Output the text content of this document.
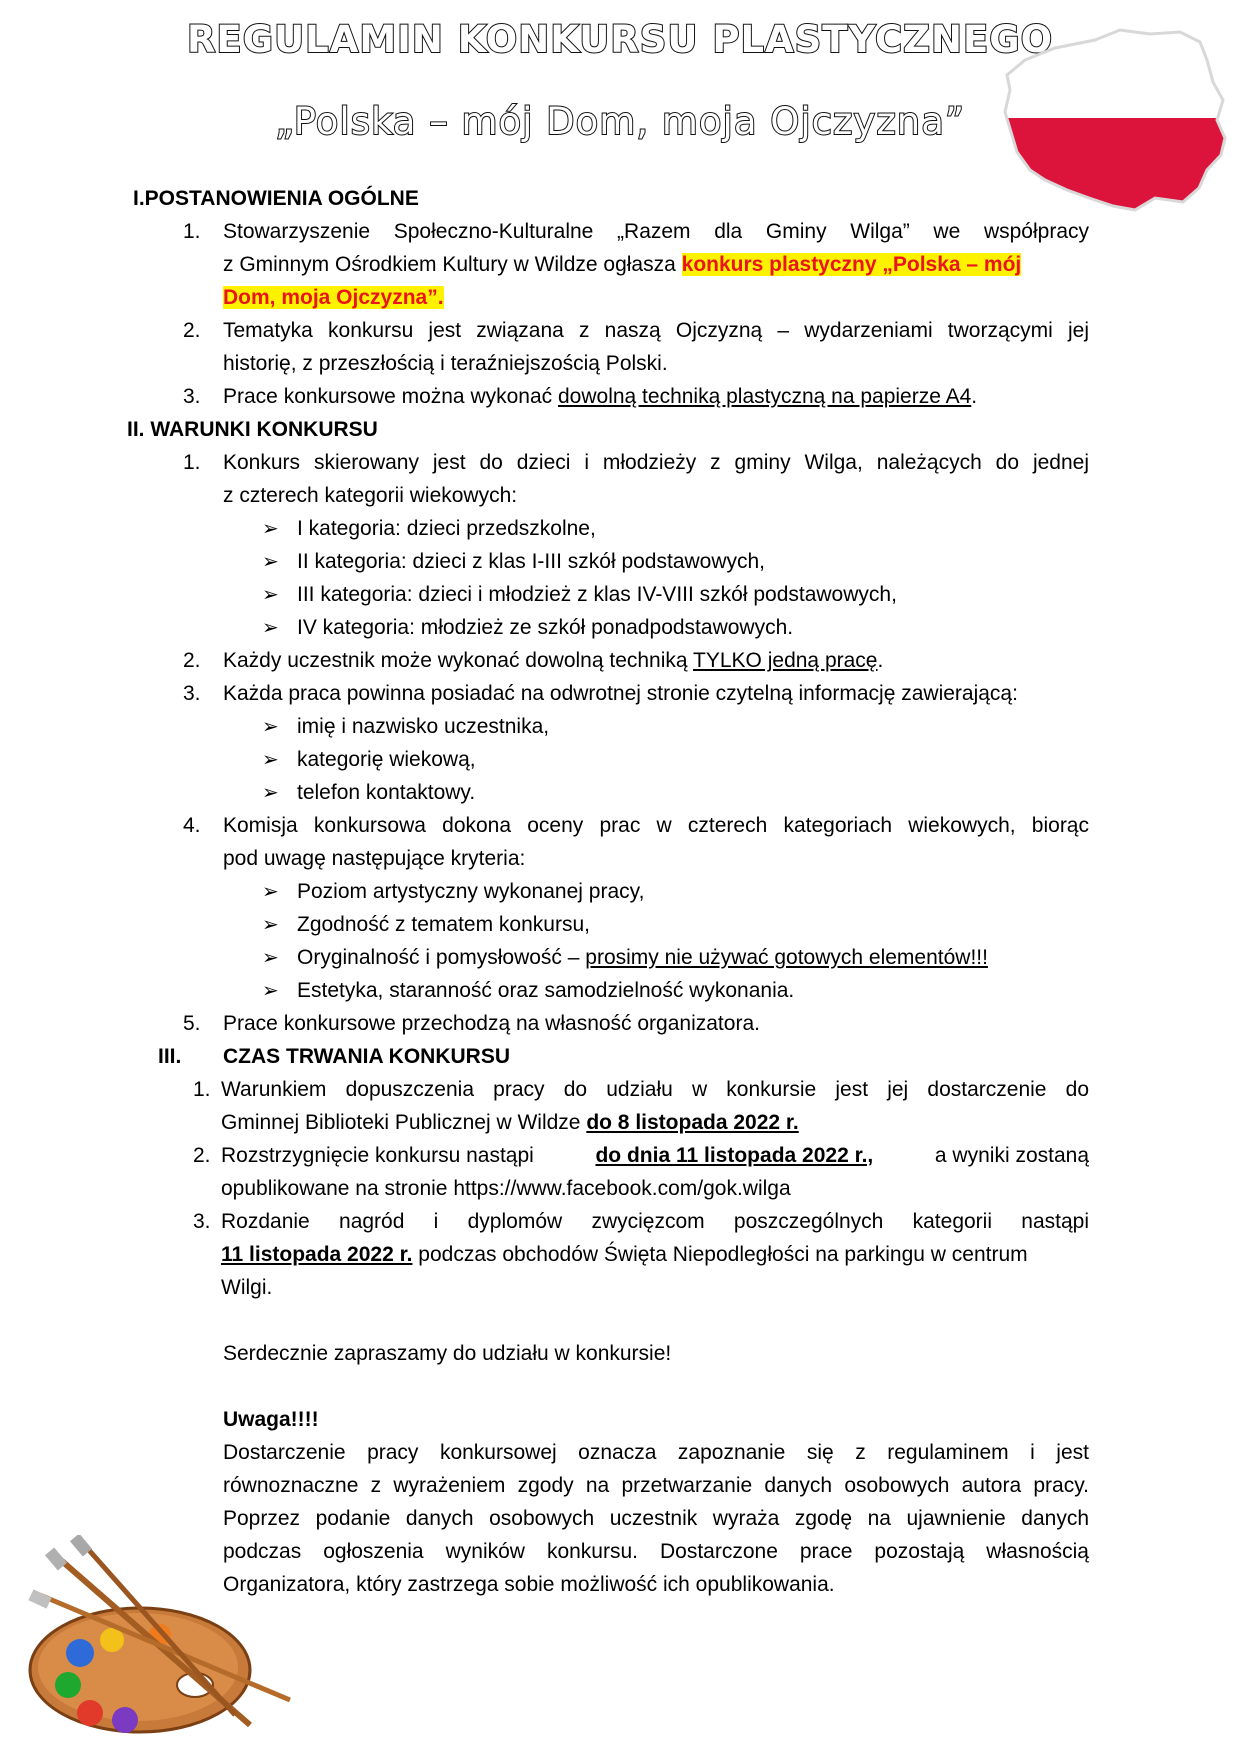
REGULAMIN KONKURSU PLASTYCZNEGO
„Polska – mój Dom, moja Ojczyzna”
I.POSTANOWIENIA OGÓLNE
1. Stowarzyszenie Społeczno-Kulturalne „Razem dla Gminy Wilga” we współpracy
z Gminnym Ośrodkiem Kultury w Wildze ogłasza konkurs plastyczny „Polska – mój
Dom, moja Ojczyzna”.
2. Tematyka konkursu jest związana z naszą Ojczyzną – wydarzeniami tworzącymi jej
historię, z przeszłością i teraźniejszością Polski.
3. Prace konkursowe można wykonać dowolną techniką plastyczną na papierze A4.
II. WARUNKI KONKURSU
1. Konkurs skierowany jest do dzieci i młodzieży z gminy Wilga, należących do jednej
z czterech kategorii wiekowych:
➢ I kategoria: dzieci przedszkolne,
➢ II kategoria: dzieci z klas I-III szkół podstawowych,
➢ III kategoria: dzieci i młodzież z klas IV-VIII szkół podstawowych,
➢ IV kategoria: młodzież ze szkół ponadpodstawowych.
2. Każdy uczestnik może wykonać dowolną techniką TYLKO jedną pracę.
3. Każda praca powinna posiadać na odwrotnej stronie czytelną informację zawierającą:
➢ imię i nazwisko uczestnika,
➢ kategorię wiekową,
➢ telefon kontaktowy.
4. Komisja konkursowa dokona oceny prac w czterech kategoriach wiekowych, biorąc
pod uwagę następujące kryteria:
➢ Poziom artystyczny wykonanej pracy,
➢ Zgodność z tematem konkursu,
➢ Oryginalność i pomysłowość – prosimy nie używać gotowych elementów!!!
➢ Estetyka, staranność oraz samodzielność wykonania.
5. Prace konkursowe przechodzą na własność organizatora.
III. CZAS TRWANIA KONKURSU
1. Warunkiem dopuszczenia pracy do udziału w konkursie jest jej dostarczenie do
Gminnej Biblioteki Publicznej w Wildze do 8 listopada 2022 r.
2. Rozstrzygnięcie konkursu nastąpi	do dnia 11 listopada 2022 r.,	a wyniki zostaną
opublikowane na stronie https://www.facebook.com/gok.wilga
3. Rozdanie nagród i dyplomów zwycięzcom poszczególnych kategorii nastąpi
11 listopada 2022 r. podczas obchodów Święta Niepodległości na parkingu w centrum
Wilgi.
Serdecznie zapraszamy do udziału w konkursie!
Uwaga!!!!
Dostarczenie pracy konkursowej oznacza zapoznanie się z regulaminem i jest
równoznaczne z wyrażeniem zgody na przetwarzanie danych osobowych autora pracy.
Poprzez podanie danych osobowych uczestnik wyraża zgodę na ujawnienie danych
podczas ogłoszenia wyników konkursu. Dostarczone prace pozostają własnością
Organizatora, który zastrzega sobie możliwość ich opublikowania.
